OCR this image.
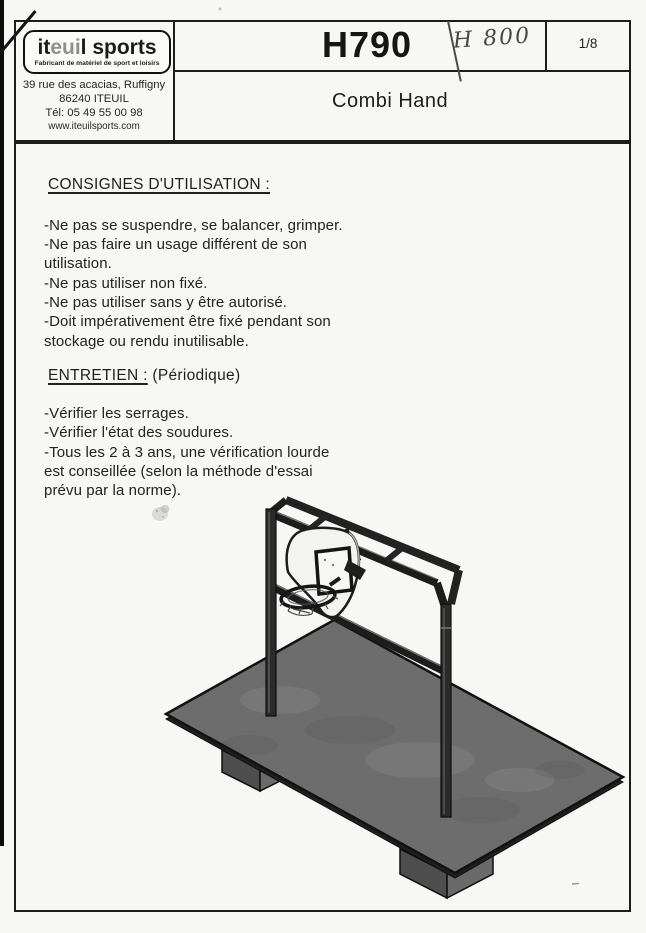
iteuil sports
Fabricant de matériel de sport et loisirs
39 rue des acacias, Ruffigny
86240 ITEUIL
Tél: 05 49 55 00 98
www.iteuilsports.com
H790 H 800	1/8
Combi Hand
CONSIGNES D'UTILISATION :
-Ne pas se suspendre, se balancer, grimper.
-Ne pas faire un usage différent de son
utilisation.
-Ne pas utiliser non fixé.
-Ne pas utiliser sans y être autorisé.
-Doit impérativement être fixé pendant son
stockage ou rendu inutilisable.
ENTRETIEN : (Périodique)
-Vérifier les serrages.
-Vérifier l'état des soudures.
-Tous les 2 à 3 ans, une vérification lourde
est conseillée (selon la méthode d'essai
prévu par la norme).
